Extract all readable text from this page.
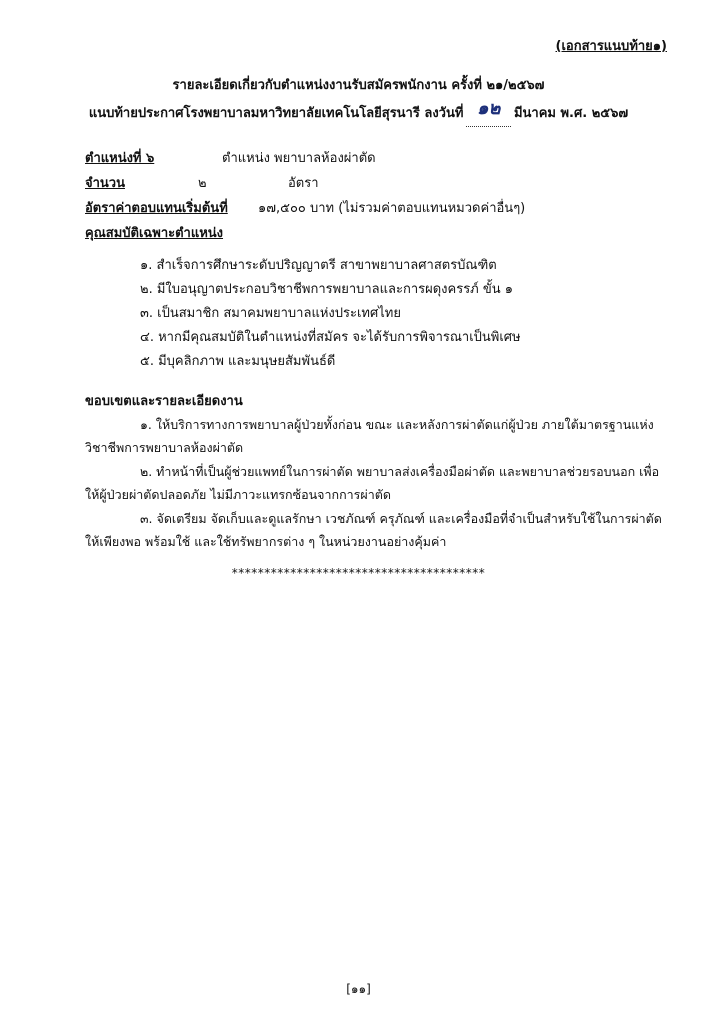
(เอกสารแนบท้าย๑)
รายละเอียดเกี่ยวกับตำแหน่งงานรับสมัครพนักงาน ครั้งที่ ๒๑/๒๕๖๗
แนบท้ายประกาศโรงพยาบาลมหาวิทยาลัยเทคโนโลยีสุรนารี ลงวันที่ ๑๒ มีนาคม พ.ศ. ๒๕๖๗
ตำแหน่งที่ ๖	ตำแหน่ง พยาบาลห้องผ่าตัด
จำนวน	๒	อัตรา
อัตราค่าตอบแทนเริ่มต้นที่ ๑๗,๕๐๐ บาท (ไม่รวมค่าตอบแทนหมวดค่าอื่นๆ)
คุณสมบัติเฉพาะตำแหน่ง
๑. สำเร็จการศึกษาระดับปริญญาตรี สาขาพยาบาลศาสตรบัณฑิต
๒. มีใบอนุญาตประกอบวิชาชีพการพยาบาลและการผดุงครรภ์ ขั้น ๑
๓. เป็นสมาชิก สมาคมพยาบาลแห่งประเทศไทย
๔. หากมีคุณสมบัติในตำแหน่งที่สมัคร จะได้รับการพิจารณาเป็นพิเศษ
๕. มีบุคลิกภาพ และมนุษยสัมพันธ์ดี
ขอบเขตและรายละเอียดงาน
๑. ให้บริการทางการพยาบาลผู้ป่วยทั้งก่อน ขณะ และหลังการผ่าตัดแก่ผู้ป่วย ภายใต้มาตรฐานแห่งวิชาชีพการพยาบาลห้องผ่าตัด
๒. ทำหน้าที่เป็นผู้ช่วยแพทย์ในการผ่าตัด พยาบาลส่งเครื่องมือผ่าตัด และพยาบาลช่วยรอบนอก เพื่อให้ผู้ป่วยผ่าตัดปลอดภัย ไม่มีภาวะแทรกซ้อนจากการผ่าตัด
๓. จัดเตรียม จัดเก็บและดูแลรักษา เวชภัณฑ์ ครุภัณฑ์ และเครื่องมือที่จำเป็นสำหรับใช้ในการผ่าตัดให้เพียงพอ พร้อมใช้ และใช้ทรัพยากรต่าง ๆ ในหน่วยงานอย่างคุ้มค่า
***************************************
[๑๑]
